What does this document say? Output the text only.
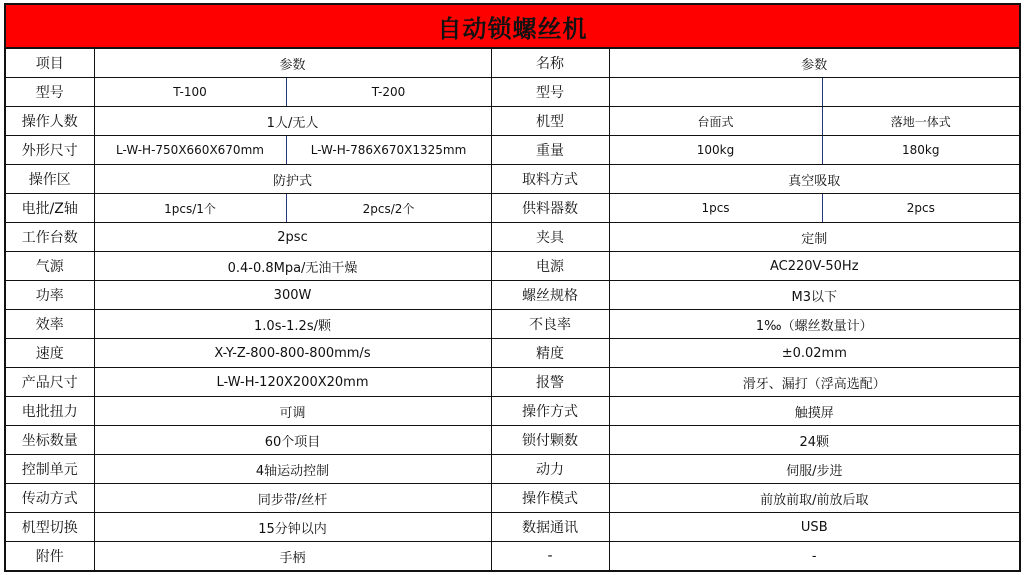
自动锁螺丝机
项目	参数		名称	参数	
型号	T-100	T-200	型号		
操作人数	1人/无人		机型	台面式	落地一体式
外形尺寸	L-W-H-750X660X670mm	L-W-H-786X670X1325mm	重量	100kg	180kg
操作区	防护式		取料方式	真空吸取	
电批/Z轴	1pcs/1个	2pcs/2个	供料器数	1pcs	2pcs
工作台数	2psc		夹具	定制	
气源	0.4-0.8Mpa/无油干燥		电源	AC220V-50Hz	
功率	300W		螺丝规格	M3以下	
效率	1.0s-1.2s/颗		不良率	1‰（螺丝数量计）	
速度	X-Y-Z-800-800-800mm/s		精度	±0.02mm	
产品尺寸	L-W-H-120X200X20mm		报警	滑牙、漏打（浮高选配）	
电批扭力	可调		操作方式	触摸屏	
坐标数量	60个项目		锁付颗数	24颗	
控制单元	4轴运动控制		动力	伺服/步进	
传动方式	同步带/丝杆		操作模式	前放前取/前放后取	
机型切换	15分钟以内		数据通讯	USB	
附件	手柄		-	-	
